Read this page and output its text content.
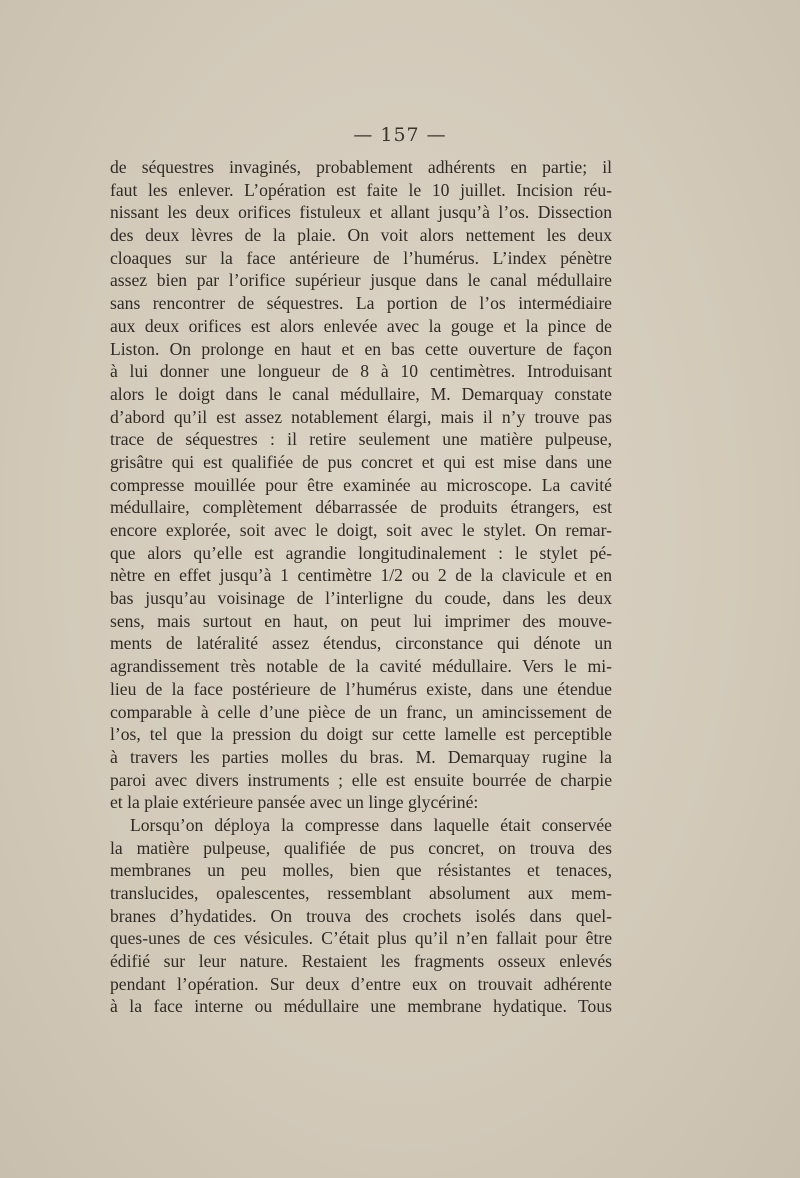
— 157 —
de séquestres invaginés, probablement adhérents en partie; il
faut les enlever. L’opération est faite le 10 juillet. Incision réu-
nissant les deux orifices fistuleux et allant jusqu’à l’os. Dissection
des deux lèvres de la plaie. On voit alors nettement les deux
cloaques sur la face antérieure de l’humérus. L’index pénètre
assez bien par l’orifice supérieur jusque dans le canal médullaire
sans rencontrer de séquestres. La portion de l’os intermédiaire
aux deux orifices est alors enlevée avec la gouge et la pince de
Liston. On prolonge en haut et en bas cette ouverture de façon
à lui donner une longueur de 8 à 10 centimètres. Introduisant
alors le doigt dans le canal médullaire, M. Demarquay constate
d’abord qu’il est assez notablement élargi, mais il n’y trouve pas
trace de séquestres : il retire seulement une matière pulpeuse,
grisâtre qui est qualifiée de pus concret et qui est mise dans une
compresse mouillée pour être examinée au microscope. La cavité
médullaire, complètement débarrassée de produits étrangers, est
encore explorée, soit avec le doigt, soit avec le stylet. On remar-
que alors qu’elle est agrandie longitudinalement : le stylet pé-
nètre en effet jusqu’à 1 centimètre 1/2 ou 2 de la clavicule et en
bas jusqu’au voisinage de l’interligne du coude, dans les deux
sens, mais surtout en haut, on peut lui imprimer des mouve-
ments de latéralité assez étendus, circonstance qui dénote un
agrandissement très notable de la cavité médullaire. Vers le mi-
lieu de la face postérieure de l’humérus existe, dans une étendue
comparable à celle d’une pièce de un franc, un amincissement de
l’os, tel que la pression du doigt sur cette lamelle est perceptible
à travers les parties molles du bras. M. Demarquay rugine la
paroi avec divers instruments ; elle est ensuite bourrée de charpie
et la plaie extérieure pansée avec un linge glycériné:
Lorsqu’on déploya la compresse dans laquelle était conservée
la matière pulpeuse, qualifiée de pus concret, on trouva des
membranes un peu molles, bien que résistantes et tenaces,
translucides, opalescentes, ressemblant absolument aux mem-
branes d’hydatides. On trouva des crochets isolés dans quel-
ques-unes de ces vésicules. C’était plus qu’il n’en fallait pour être
édifié sur leur nature. Restaient les fragments osseux enlevés
pendant l’opération. Sur deux d’entre eux on trouvait adhérente
à la face interne ou médullaire une membrane hydatique. Tous
